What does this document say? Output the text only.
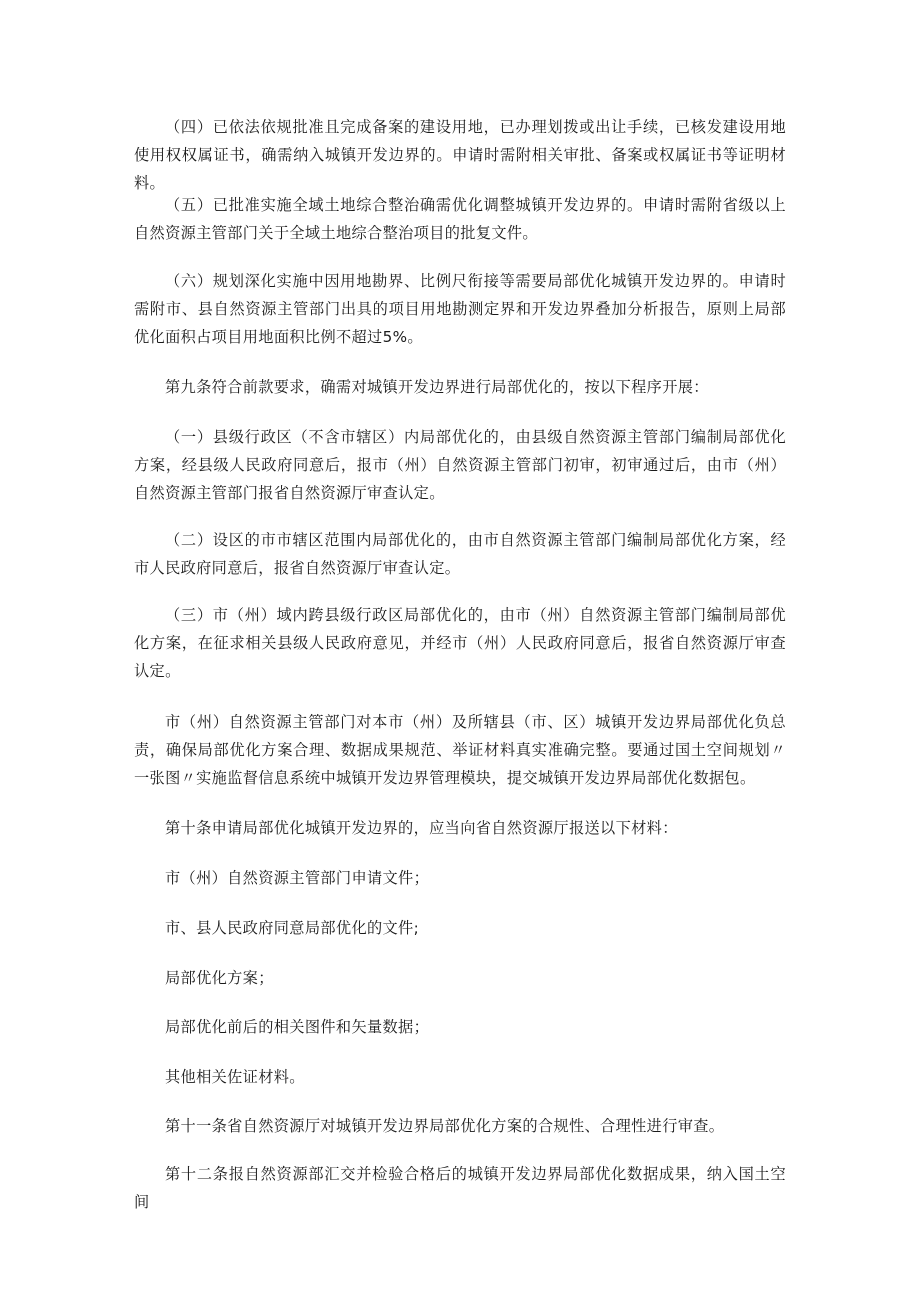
（四）已依法依规批准且完成备案的建设用地，已办理划拨或出让手续，已核发建设用地使用权权属证书，确需纳入城镇开发边界的。申请时需附相关审批、备案或权属证书等证明材料。

（五）已批准实施全域土地综合整治确需优化调整城镇开发边界的。申请时需附省级以上自然资源主管部门关于全域土地综合整治项目的批复文件。

（六）规划深化实施中因用地勘界、比例尺衔接等需要局部优化城镇开发边界的。申请时需附市、县自然资源主管部门出具的项目用地勘测定界和开发边界叠加分析报告，原则上局部优化面积占项目用地面积比例不超过5%。

第九条符合前款要求，确需对城镇开发边界进行局部优化的，按以下程序开展：

（一）县级行政区（不含市辖区）内局部优化的，由县级自然资源主管部门编制局部优化方案，经县级人民政府同意后，报市（州）自然资源主管部门初审，初审通过后，由市（州）自然资源主管部门报省自然资源厅审查认定。

（二）设区的市市辖区范围内局部优化的，由市自然资源主管部门编制局部优化方案，经市人民政府同意后，报省自然资源厅审查认定。

（三）市（州）域内跨县级行政区局部优化的，由市（州）自然资源主管部门编制局部优化方案，在征求相关县级人民政府意见，并经市（州）人民政府同意后，报省自然资源厅审查认定。

市（州）自然资源主管部门对本市（州）及所辖县（市、区）城镇开发边界局部优化负总责，确保局部优化方案合理、数据成果规范、举证材料真实准确完整。要通过国土空间规划〃一张图〃实施监督信息系统中城镇开发边界管理模块，提交城镇开发边界局部优化数据包。

第十条申请局部优化城镇开发边界的，应当向省自然资源厅报送以下材料：

市（州）自然资源主管部门申请文件；

市、县人民政府同意局部优化的文件;

局部优化方案；

局部优化前后的相关图件和矢量数据；

其他相关佐证材料。

第十一条省自然资源厅对城镇开发边界局部优化方案的合规性、合理性进行审查。

第十二条报自然资源部汇交并检验合格后的城镇开发边界局部优化数据成果，纳入国土空间
